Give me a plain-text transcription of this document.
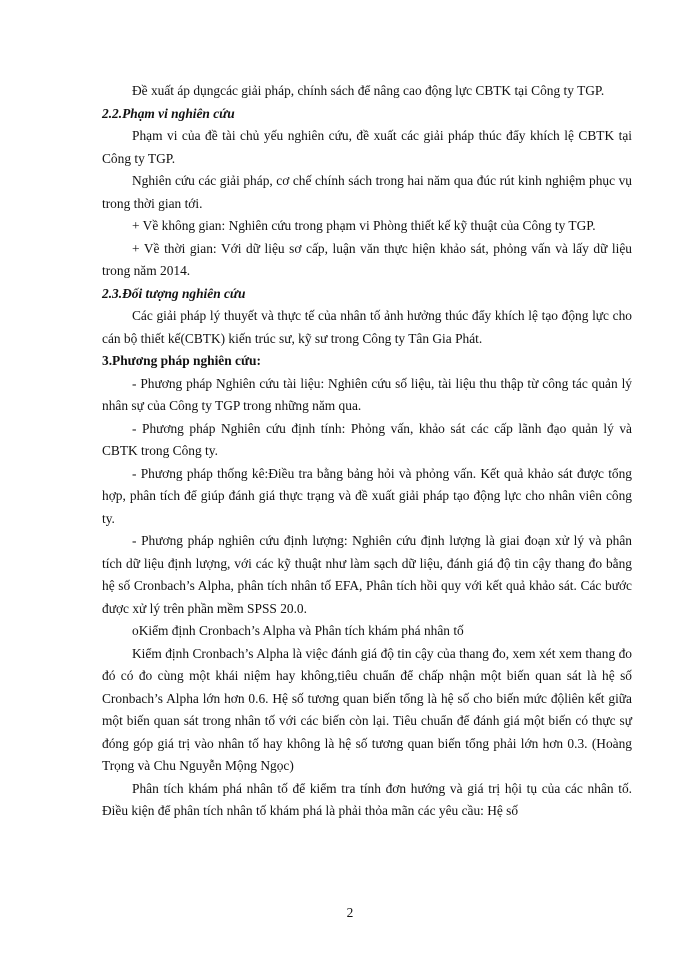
Đề xuất áp dụngcác giải pháp, chính sách để nâng cao động lực CBTK tại Công ty TGP.

2.2.Phạm vi nghiên cứu

Phạm vi của đề tài chủ yếu nghiên cứu, đề xuất các giải pháp thúc đẩy khích lệ CBTK tại Công ty TGP.

Nghiên cứu các giải pháp, cơ chế chính sách trong hai năm qua đúc rút kinh nghiệm phục vụ trong thời gian tới.

+ Về không gian: Nghiên cứu trong phạm vi Phòng thiết kế kỹ thuật của Công ty TGP.

+ Về thời gian: Với dữ liệu sơ cấp, luận văn thực hiện khảo sát, phỏng vấn và lấy dữ liệu trong năm 2014.

2.3.Đối tượng nghiên cứu

Các giải pháp lý thuyết và thực tế của nhân tố ảnh hưởng thúc đẩy khích lệ tạo động lực cho cán bộ thiết kế(CBTK) kiến trúc sư, kỹ sư trong Công ty Tân Gia Phát.

3.Phương pháp nghiên cứu:

- Phương pháp Nghiên cứu tài liệu: Nghiên cứu số liệu, tài liệu thu thập từ công tác quản lý nhân sự của Công ty TGP trong những năm qua.

- Phương pháp Nghiên cứu định tính: Phỏng vấn, khảo sát các cấp lãnh đạo quản lý và CBTK trong Công ty.

- Phương pháp thống kê:Điều tra bằng bảng hỏi và phỏng vấn. Kết quả khảo sát được tổng hợp, phân tích để giúp đánh giá thực trạng và đề xuất giải pháp tạo động lực cho nhân viên công ty.

- Phương pháp nghiên cứu định lượng: Nghiên cứu định lượng là giai đoạn xử lý và phân tích dữ liệu định lượng, với các kỹ thuật như làm sạch dữ liệu, đánh giá độ tin cậy thang đo bằng hệ số Cronbach’s Alpha, phân tích nhân tố EFA, Phân tích hồi quy với kết quả khảo sát. Các bước được xử lý trên phần mềm SPSS 20.0.

oKiểm định Cronbach’s Alpha và Phân tích khám phá nhân tố

Kiểm định Cronbach’s Alpha là việc đánh giá độ tin cậy của thang đo, xem xét xem thang đo đó có đo cùng một khái niệm hay không,tiêu chuẩn để chấp nhận một biến quan sát là hệ số Cronbach’s Alpha lớn hơn 0.6. Hệ số tương quan biến tổng là hệ số cho biến mức độliên kết giữa một biến quan sát trong nhân tố với các biến còn lại. Tiêu chuẩn để đánh giá một biến có thực sự đóng góp giá trị vào nhân tố hay không là hệ số tương quan biến tổng phải lớn hơn 0.3. (Hoàng Trọng và Chu Nguyễn Mộng Ngọc)

Phân tích khám phá nhân tố để kiểm tra tính đơn hướng và giá trị hội tụ của các nhân tố. Điều kiện để phân tích nhân tố khám phá là phải thỏa mãn các yêu cầu: Hệ số

2
